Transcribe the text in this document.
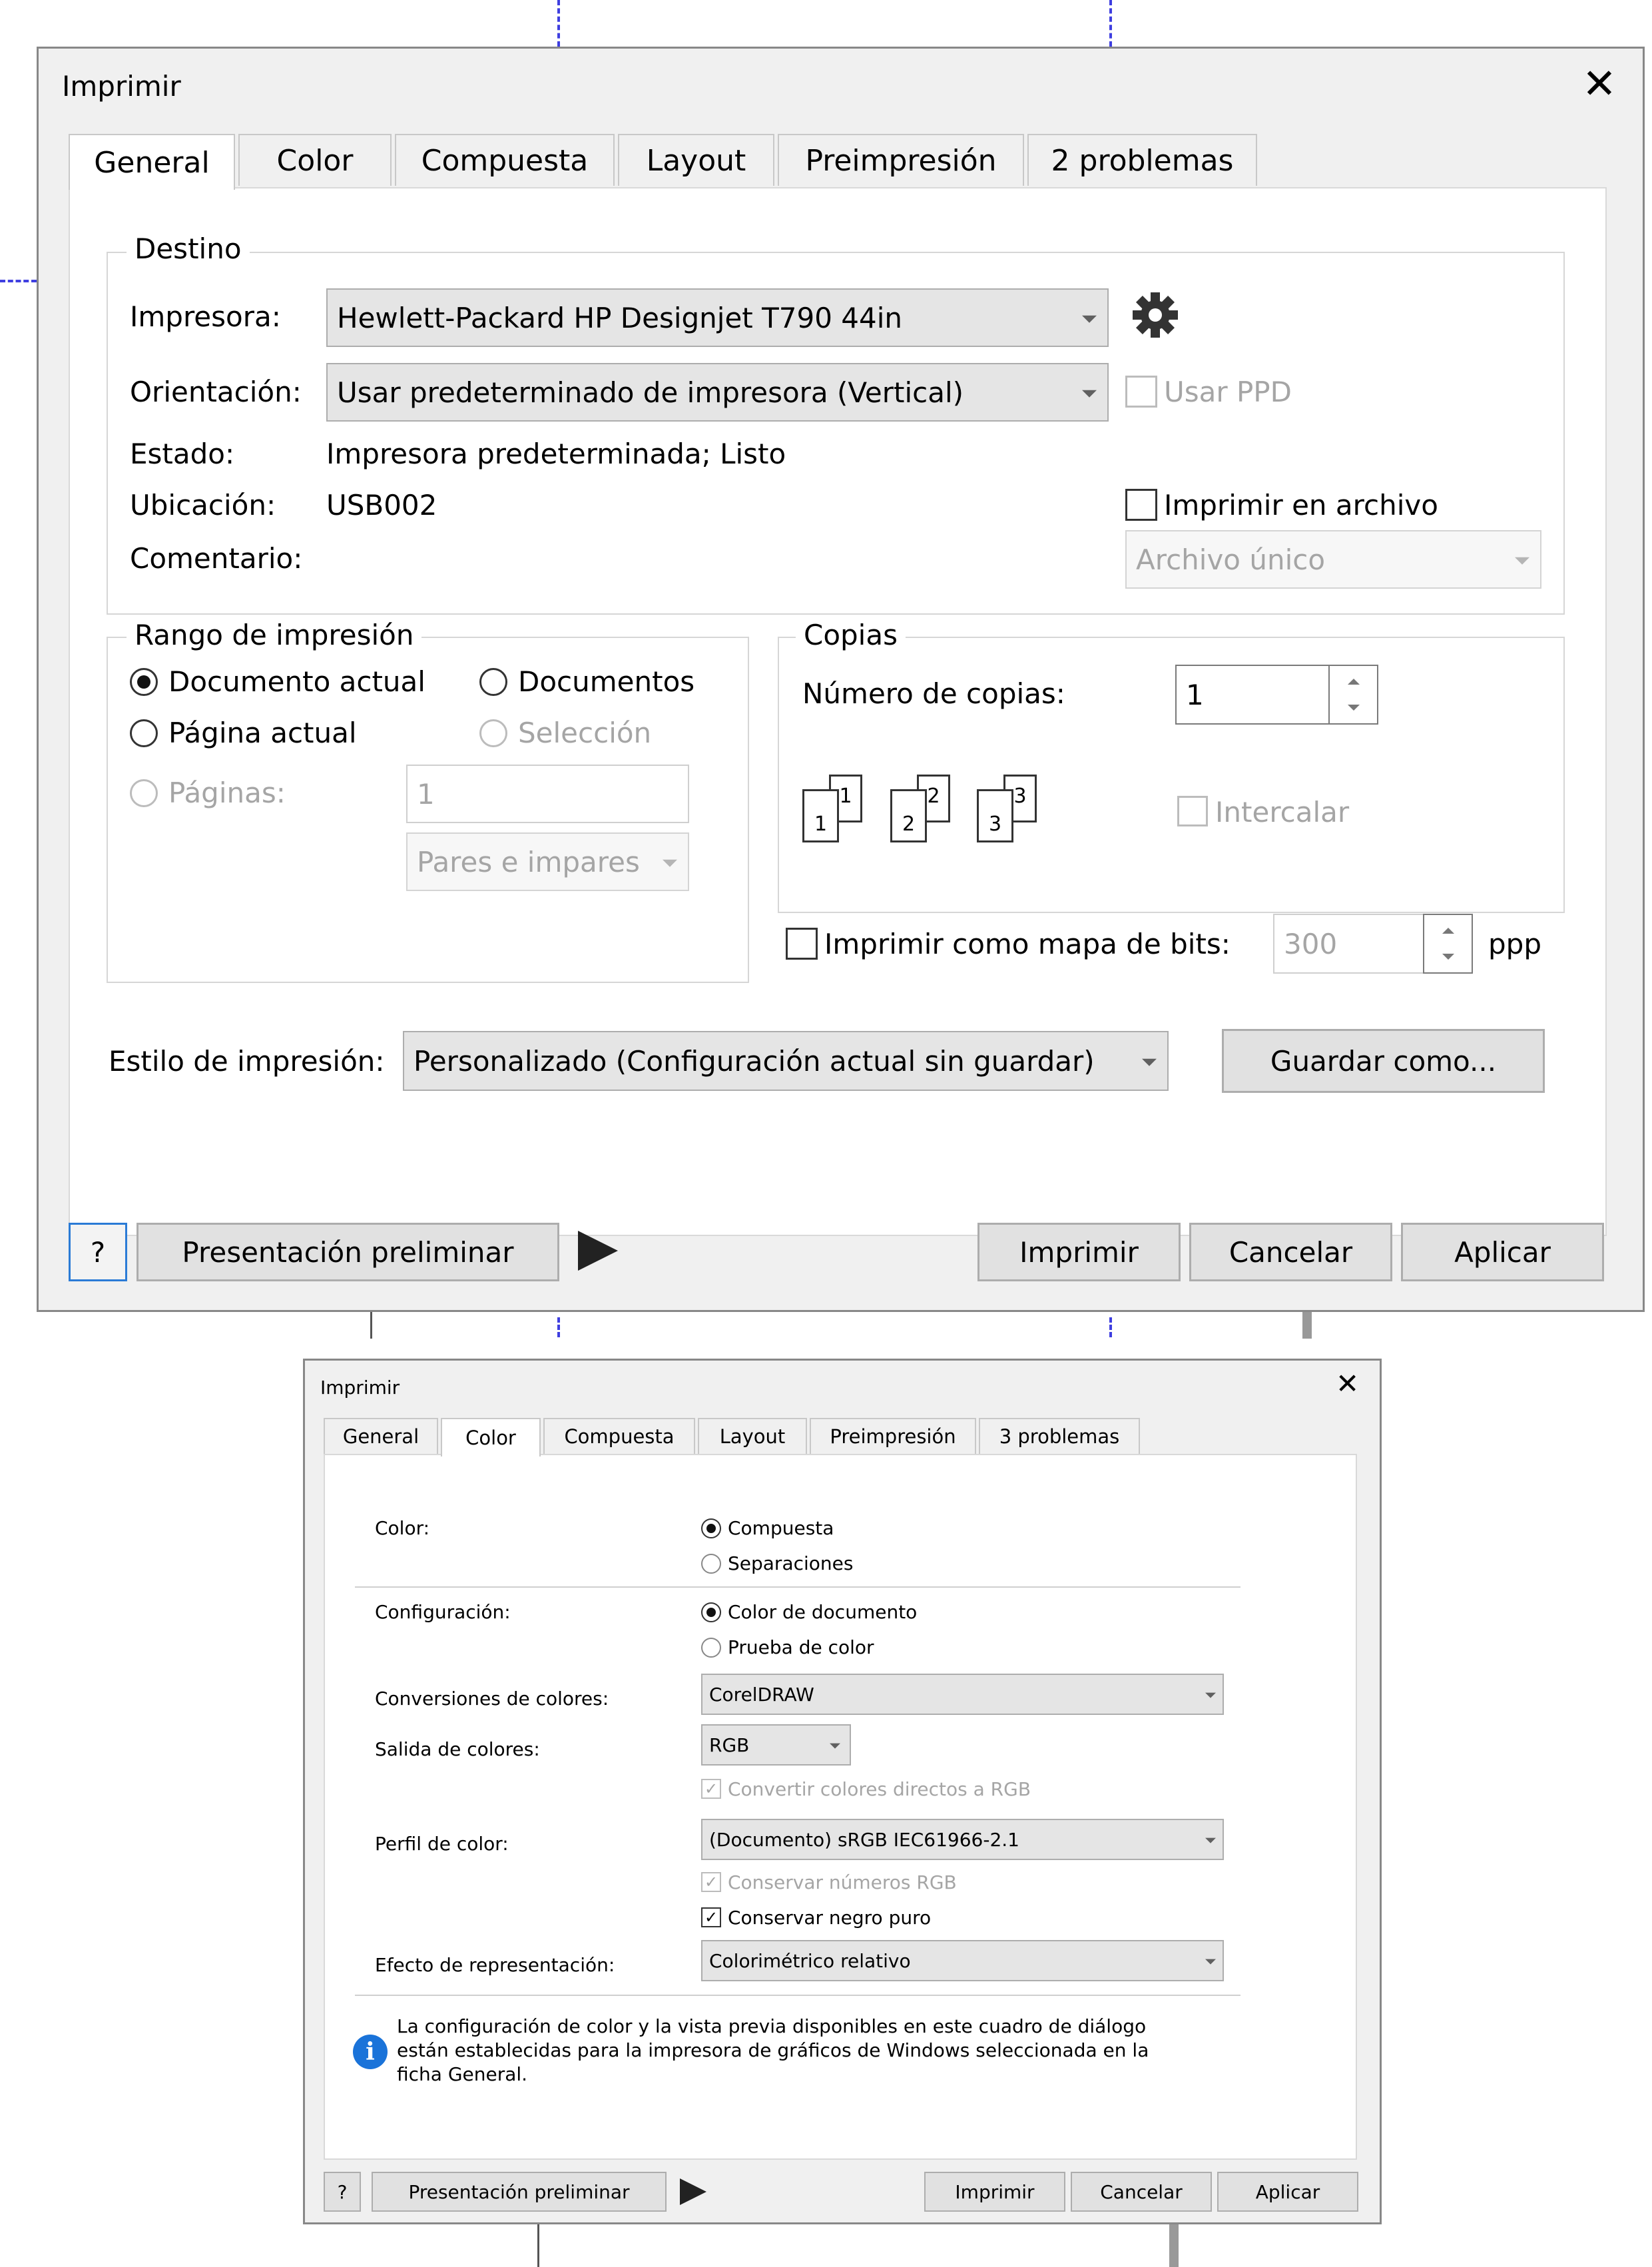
Imprimir	✕
General	Color	Compuesta	Layout	Preimpresión	2 problemas
Destino
Impresora: Hewlett-Packard HP Designjet T790 44in
Orientación: Usar predeterminado de impresora (Vertical)	Usar PPD
Estado:	Impresora predeterminada; Listo
Ubicación: USB002	Imprimir en archivo
Comentario:	Archivo único
Rango de impresión
Documento actual	Documentos
Página actual	Selección
Páginas:	1
Pares e impares
Copias
Número de copias:	1
1
1
2
2
3
3	Intercalar
Imprimir como mapa de bits: 300	ppp
Estilo de impresión: Personalizado (Configuración actual sin guardar)	Guardar como...
?	Presentación preliminar	Imprimir	Cancelar	Aplicar
Imprimir	✕
General	Color	Compuesta	Layout	Preimpresión	3 problemas
Color:	Compuesta
Separaciones
Configuración:	Color de documento
Prueba de color
Conversiones de colores:	CorelDRAW
Salida de colores:	RGB
✓ Convertir colores directos a RGB
Perfil de color:	(Documento) sRGB IEC61966-2.1
✓ Conservar números RGB
✓ Conservar negro puro
Efecto de representación:	Colorimétrico relativo
i
La configuración de color y la vista previa disponibles en este cuadro de diálogo
están establecidas para la impresora de gráficos de Windows seleccionada en la
ficha General.
?	Presentación preliminar	Imprimir	Cancelar	Aplicar
